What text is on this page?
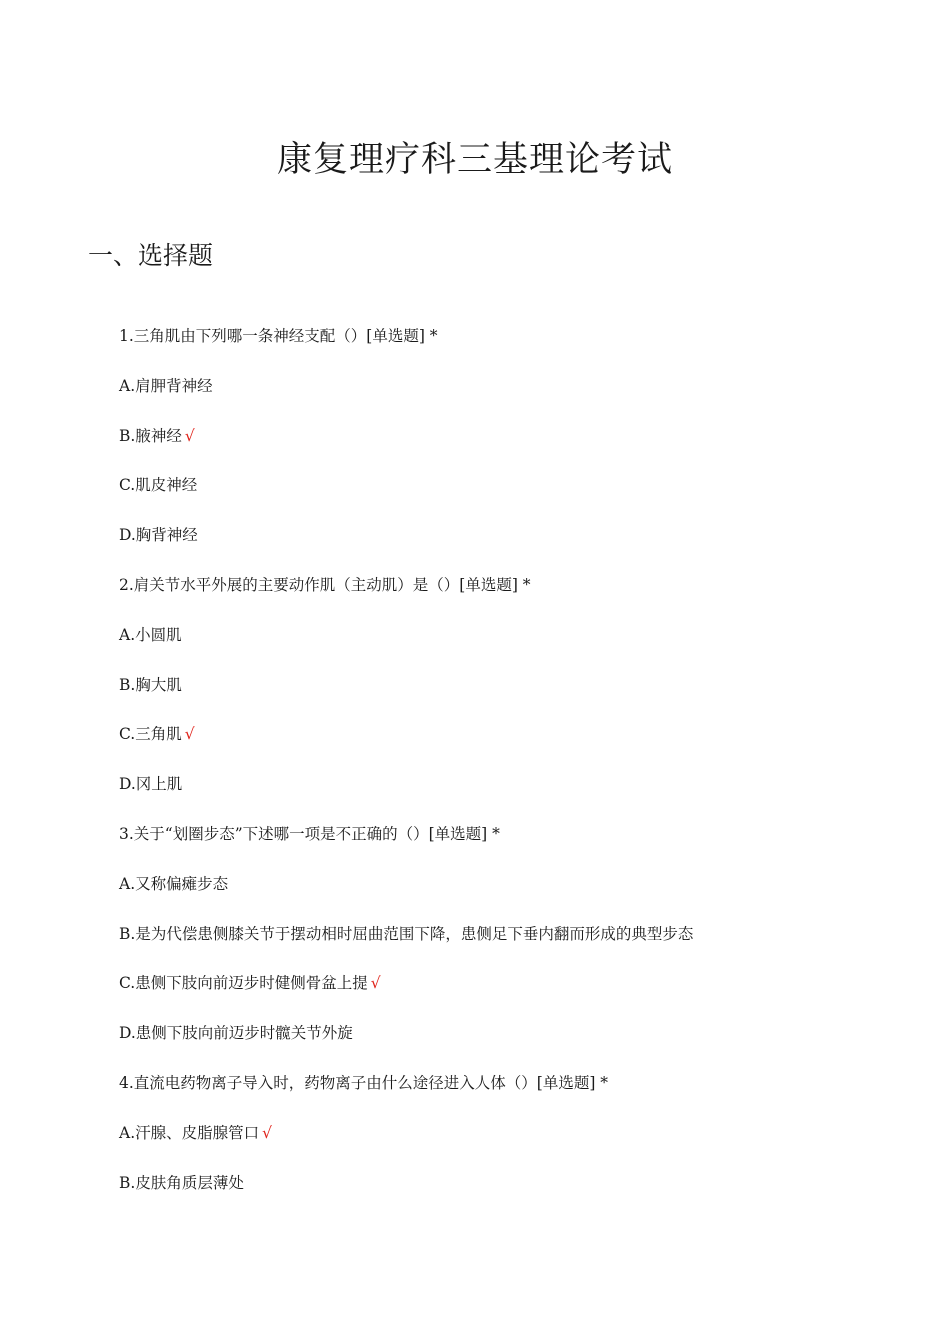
康复理疗科三基理论考试
一、选择题
1.三角肌由下列哪一条神经支配（）[单选题] *
A.肩胛背神经
B.腋神经 √
C.肌皮神经
D.胸背神经
2.肩关节水平外展的主要动作肌（主动肌）是（）[单选题] *
A.小圆肌
B.胸大肌
C.三角肌 √
D.冈上肌
3.关于“划圈步态”下述哪一项是不正确的（）[单选题] *
A.又称偏瘫步态
B.是为代偿患侧膝关节于摆动相时屈曲范围下降，患侧足下垂内翻而形成的典型步态
C.患侧下肢向前迈步时健侧骨盆上提 √
D.患侧下肢向前迈步时髋关节外旋
4.直流电药物离子导入时，药物离子由什么途径进入人体（）[单选题] *
A.汗腺、皮脂腺管口 √
B.皮肤角质层薄处
